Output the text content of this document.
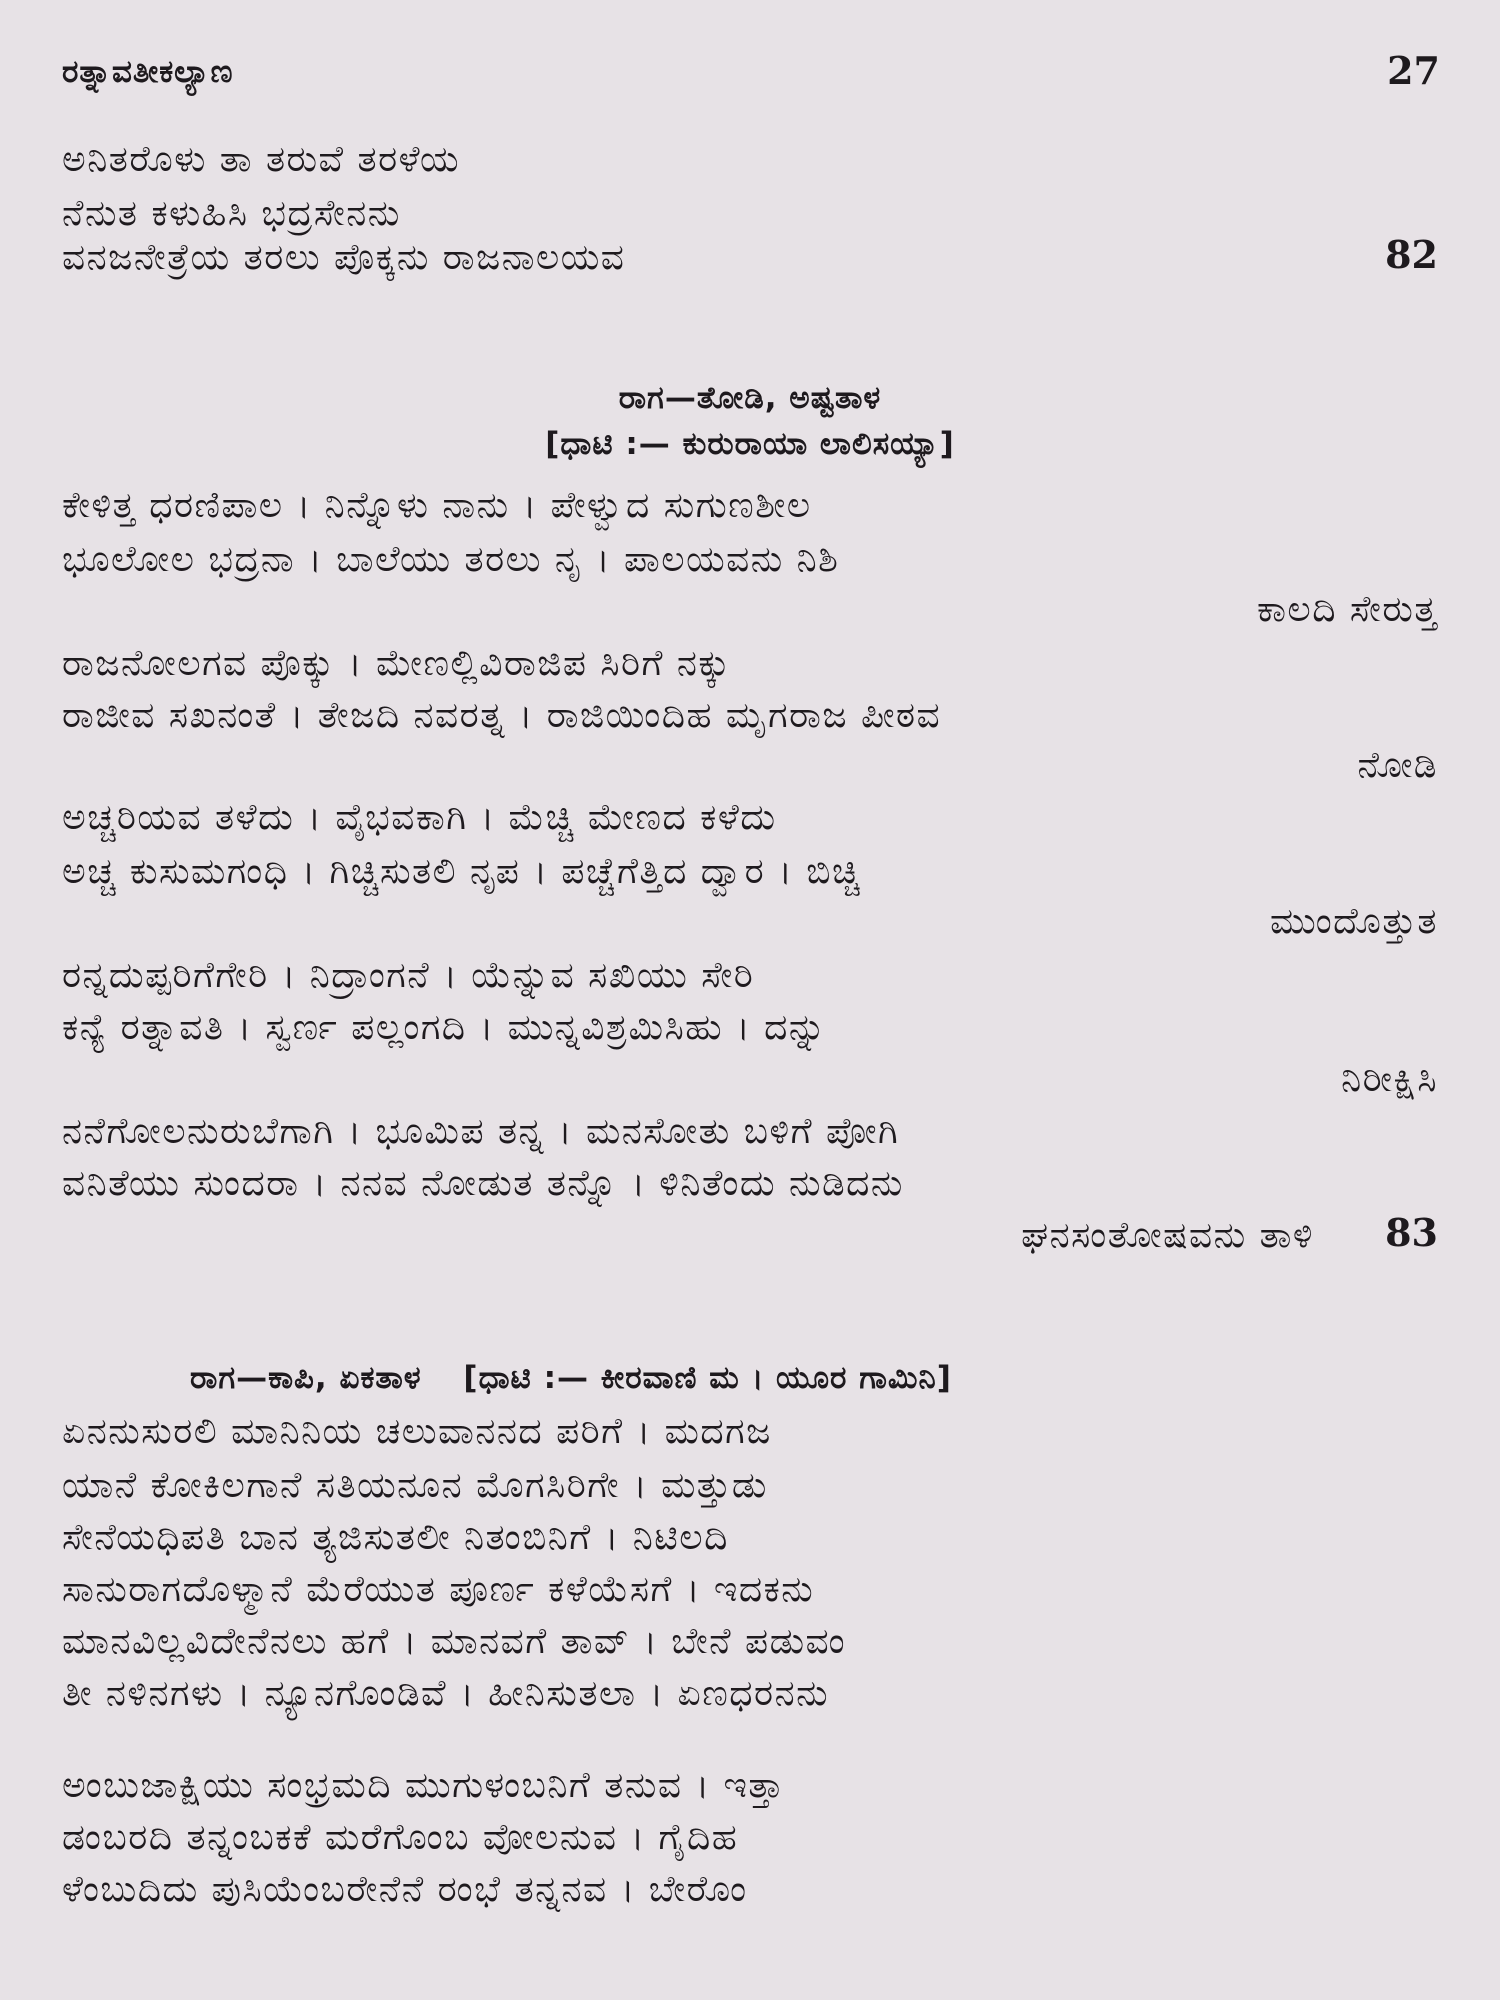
ರತ್ನಾವತೀಕಲ್ಯಾಣ	27
ಅನಿತರೊಳು ತಾ ತರುವೆ ತರಳೆಯ
ನೆನುತ ಕಳುಹಿಸಿ ಭದ್ರಸೇನನು
ವನಜನೇತ್ರೆಯ ತರಲು ಪೊಕ್ಕನು ರಾಜನಾಲಯವ	82
ರಾಗ—ತೋಡಿ, ಅಷ್ಟತಾಳ
[ಧಾಟಿ :— ಕುರುರಾಯಾ ಲಾಲಿಸಯ್ಯಾ]
ಕೇಳಿತ್ತ ಧರಣಿಪಾಲ । ನಿನ್ನೊಳು ನಾನು । ಪೇಳ್ವುದ ಸುಗುಣಶೀಲ
ಭೂಲೋಲ ಭದ್ರನಾ । ಬಾಲೆಯು ತರಲು ನೃ । ಪಾಲಯವನು ನಿಶಿ
ಕಾಲದಿ ಸೇರುತ್ತ
ರಾಜನೋಲಗವ ಪೊಕ್ಕು । ಮೇಣಲ್ಲಿವಿರಾಜಿಪ ಸಿರಿಗೆ ನಕ್ಕು
ರಾಜೀವ ಸಖನಂತೆ । ತೇಜದಿ ನವರತ್ನ । ರಾಜಿಯಿಂದಿಹ ಮೃಗರಾಜ ಪೀಠವ
ನೋಡಿ
ಅಚ್ಚರಿಯವ ತಳೆದು । ವೈಭವಕಾಗಿ । ಮೆಚ್ಚಿ ಮೇಣದ ಕಳೆದು
ಅಚ್ಚ ಕುಸುಮಗಂಧಿ । ಗಿಚ್ಚಿಸುತಲಿ ನೃಪ । ಪಚ್ಚೆಗೆತ್ತಿದ ದ್ವಾರ । ಬಿಚ್ಚಿ
ಮುಂದೊತ್ತುತ
ರನ್ನದುಪ್ಪರಿಗೆಗೇರಿ । ನಿದ್ರಾಂಗನೆ । ಯೆನ್ನುವ ಸಖಿಯು ಸೇರಿ
ಕನ್ಯೆ ರತ್ನಾವತಿ । ಸ್ವರ್ಣ ಪಲ್ಲಂಗದಿ । ಮುನ್ನವಿಶ್ರಮಿಸಿಹು । ದನ್ನು
ನಿರೀಕ್ಷಿಸಿ
ನನೆಗೋಲನುರುಬೆಗಾಗಿ । ಭೂಮಿಪ ತನ್ನ । ಮನಸೋತು ಬಳಿಗೆ ಪೋಗಿ
ವನಿತೆಯು ಸುಂದರಾ । ನನವ ನೋಡುತ ತನ್ನೊ । ಳಿನಿತೆಂದು ನುಡಿದನು
ಘನಸಂತೋಷವನು ತಾಳಿ 83
ರಾಗ—ಕಾಪಿ, ಏಕತಾಳ [ಧಾಟಿ :— ಕೀರವಾಣಿ ಮ । ಯೂರ ಗಾಮಿನಿ]
ಏನನುಸುರಲಿ ಮಾನಿನಿಯ ಚಲುವಾನನದ ಪರಿಗೆ । ಮದಗಜ
ಯಾನೆ ಕೋಕಿಲಗಾನೆ ಸತಿಯನೂನ ಮೊಗಸಿರಿಗೇ । ಮತ್ತುಡು
ಸೇನೆಯಧಿಪತಿ ಬಾನ ತ್ಯಜಿಸುತಲೀ ನಿತಂಬಿನಿಗೆ । ನಿಟಿಲದಿ
ಸಾನುರಾಗದೊಳ್ಮಾನೆ ಮೆರೆಯುತ ಪೂರ್ಣ ಕಳೆಯೆಸಗೆ । ಇದಕನು
ಮಾನವಿಲ್ಲವಿದೇನೆನಲು ಹಗೆ । ಮಾನವಗೆ ತಾವ್ । ಬೇನೆ ಪಡುವಂ
ತೀ ನಳಿನಗಳು । ನ್ಯೂನಗೊಂಡಿವೆ । ಹೀನಿಸುತಲಾ । ಏಣಧರನನು
ಅಂಬುಜಾಕ್ಷಿಯು ಸಂಭ್ರಮದಿ ಮುಗುಳಂಬನಿಗೆ ತನುವ । ಇತ್ತಾ
ಡಂಬರದಿ ತನ್ನಂಬಕಕೆ ಮರೆಗೊಂಬ ವೋಲನುವ । ಗೈದಿಹ
ಳೆಂಬುದಿದು ಪುಸಿಯೆಂಬರೇನೆನೆ ರಂಭೆ ತನ್ನನವ । ಬೇರೊಂ
